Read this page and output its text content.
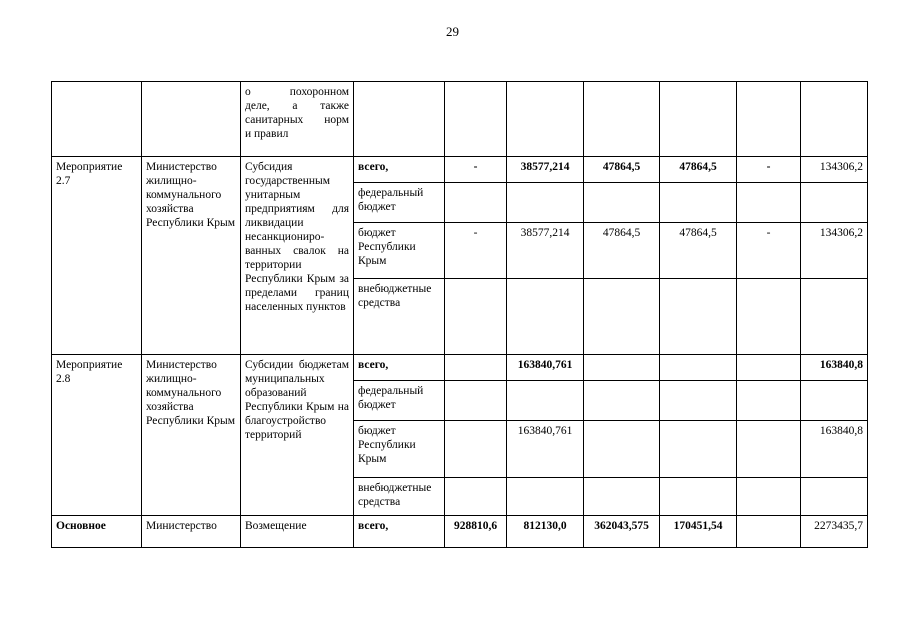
29

		о похоронном
деле, а также
санитарных норм
и правил							

Мероприятие 2.7	Министерство жилищно-коммунального хозяйства Республики Крым	Субсидия государственным унитарным предприятиям для ликвидации несанкциониро-ванных свалок на территории Республики Крым за пределами границ населенных пунктов	всего,	-	38577,214	47864,5	47864,5	-	134306,2
			федеральный бюджет						
			бюджет Республики Крым	-	38577,214	47864,5	47864,5	-	134306,2
			внебюджетные средства						
Мероприятие 2.8	Министерство жилищно-коммунального хозяйства Республики Крым	Субсидии бюджетам муниципальных образований Республики Крым на благоустройство территорий	всего,		163840,761				163840,8
			федеральный бюджет						
			бюджет Республики Крым		163840,761				163840,8
			внебюджетные средства						
Основное	Министерство	Возмещение	всего,	928810,6	812130,0	362043,575	170451,54		2273435,7
